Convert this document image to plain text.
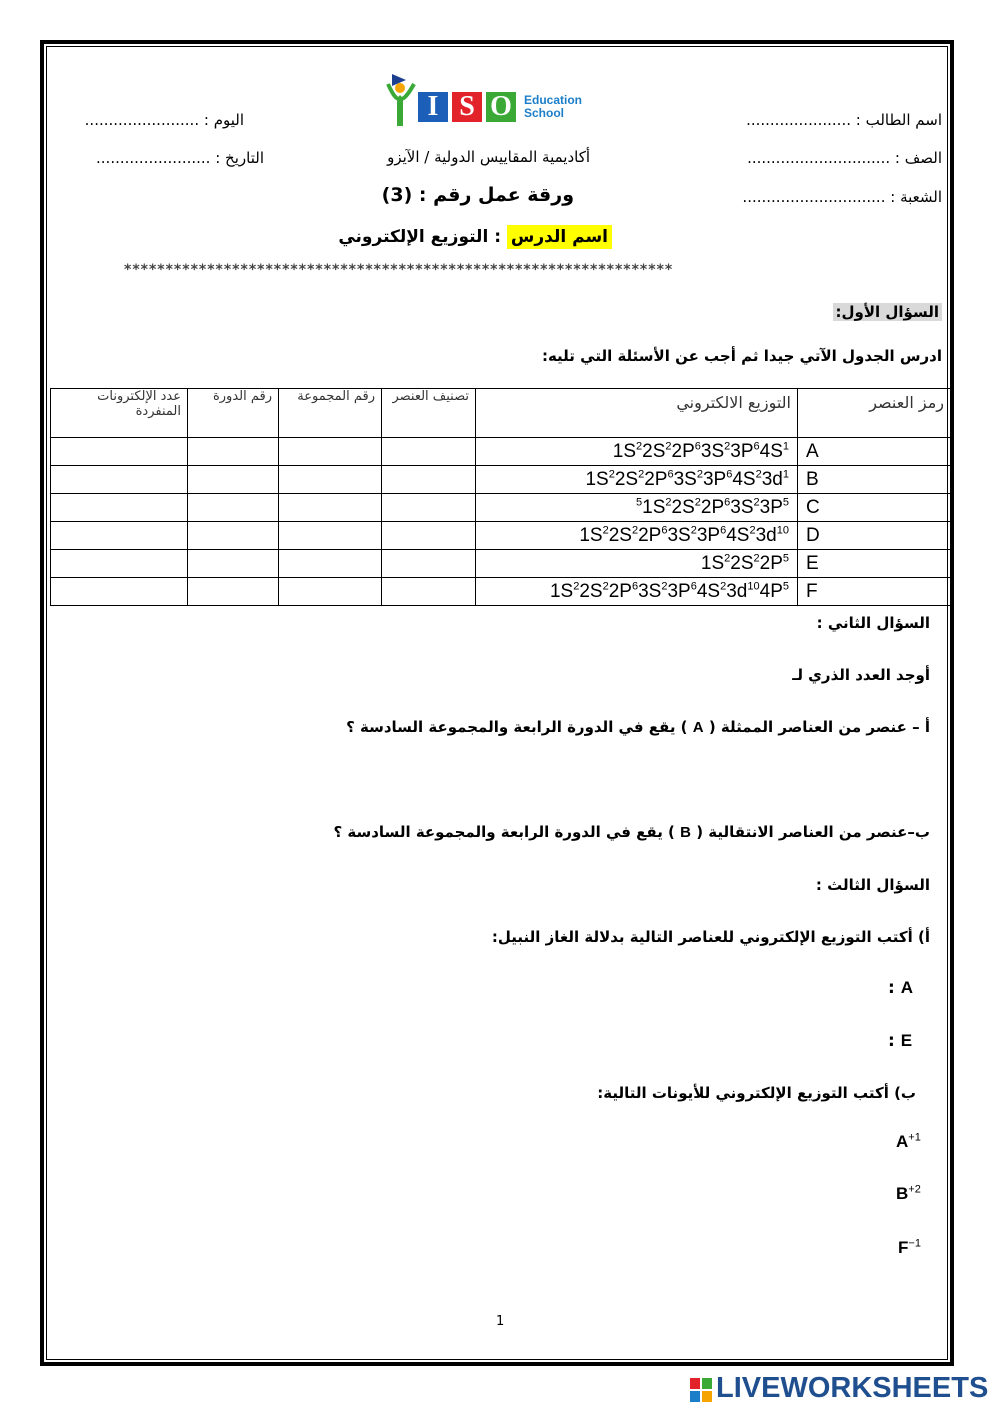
I S O	Education
School	اسم الطالب : ......................
اليوم : ........................
الصف : ..............................
أكاديمية المقاييس الدولية / الآيزو
التاريخ : ........................
الشعبة : ..............................
ورقة عمل رقم : (3)
اسم الدرس : التوزيع الإلكتروني
******************************************************************
السؤال الأول:
ادرس الجدول الآتي جيدا ثم أجب عن الأسئلة التي تليه:
رمز العنصر	التوزيع الالكتروني	تصنيف العنصر	رقم المجموعة	رقم الدورة	عدد الإلكترونات المنفردة
A	$1S^22S^22P^63S^23P^64S^1$				
B	$1S^22S^22P^63S^23P^64S^23d^1$				
C	$^51S^22S^22P^63S^23P^5$				
D	$1S^22S^22P^63S^23P^64S^23d^{10}$				
E	$1S^22S^22P^5$				
F	$1S^22S^22P^63S^23P^64S^23d^{10}4P^5$				
السؤال الثاني :
أوجد العدد الذري لـ
أ – عنصر من العناصر الممثلة ( A ) يقع في الدورة الرابعة والمجموعة السادسة ؟
ب–عنصر من العناصر الانتقالية ( B ) يقع في الدورة الرابعة والمجموعة السادسة ؟
السؤال الثالث :
أ) أكتب التوزيع الإلكتروني للعناصر التالية بدلالة الغاز النبيل:
: A
: E
ب) أكتب التوزيع الإلكتروني للأيونات التالية:
$A^{+1}$
$B^{+2}$
$F^{-1}$
1
LIVEWORKSHEETS
